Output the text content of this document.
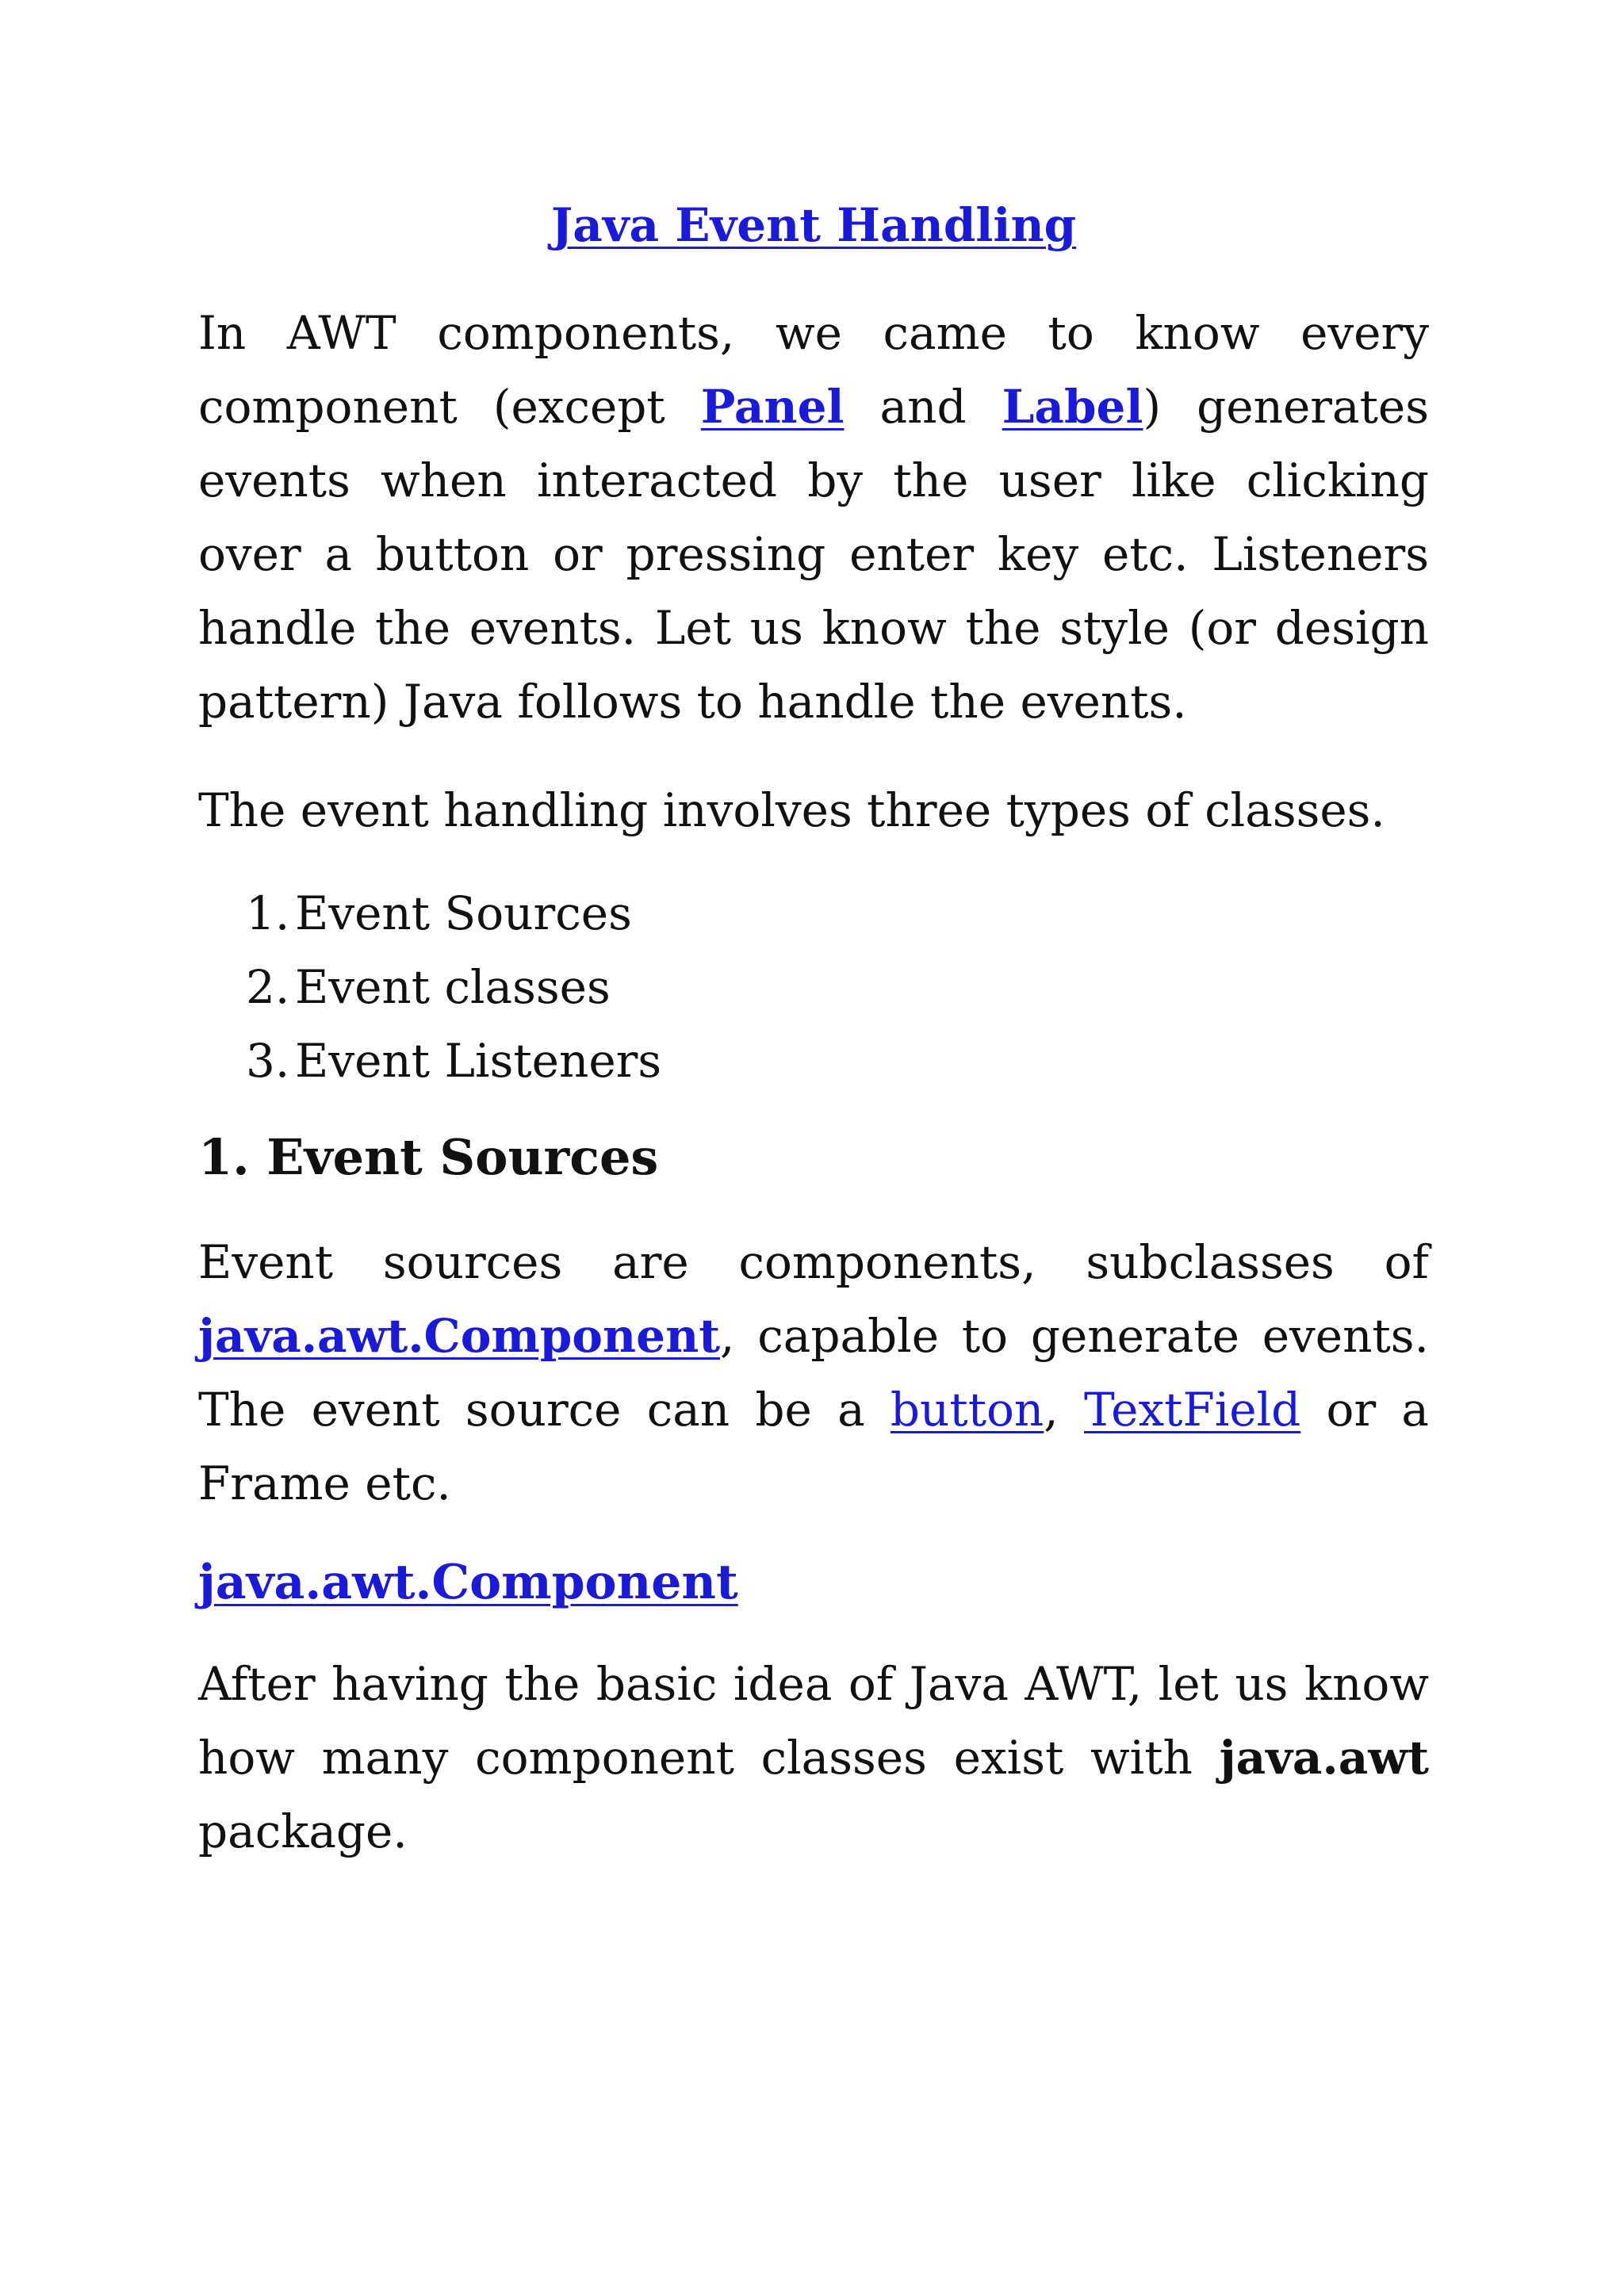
Java Event Handling

In AWT components, we came to know every component (except Panel and Label) generates events when interacted by the user like clicking over a button or pressing enter key etc. Listeners handle the events. Let us know the style (or design pattern) Java follows to handle the events.

The event handling involves three types of classes.

1. Event Sources
2. Event classes
3. Event Listeners
1. Event Sources

Event sources are components, subclasses of java.awt.Component, capable to generate events. The event source can be a button, TextField or a Frame etc.

java.awt.Component

After having the basic idea of Java AWT, let us know how many component classes exist with java.awt package.
